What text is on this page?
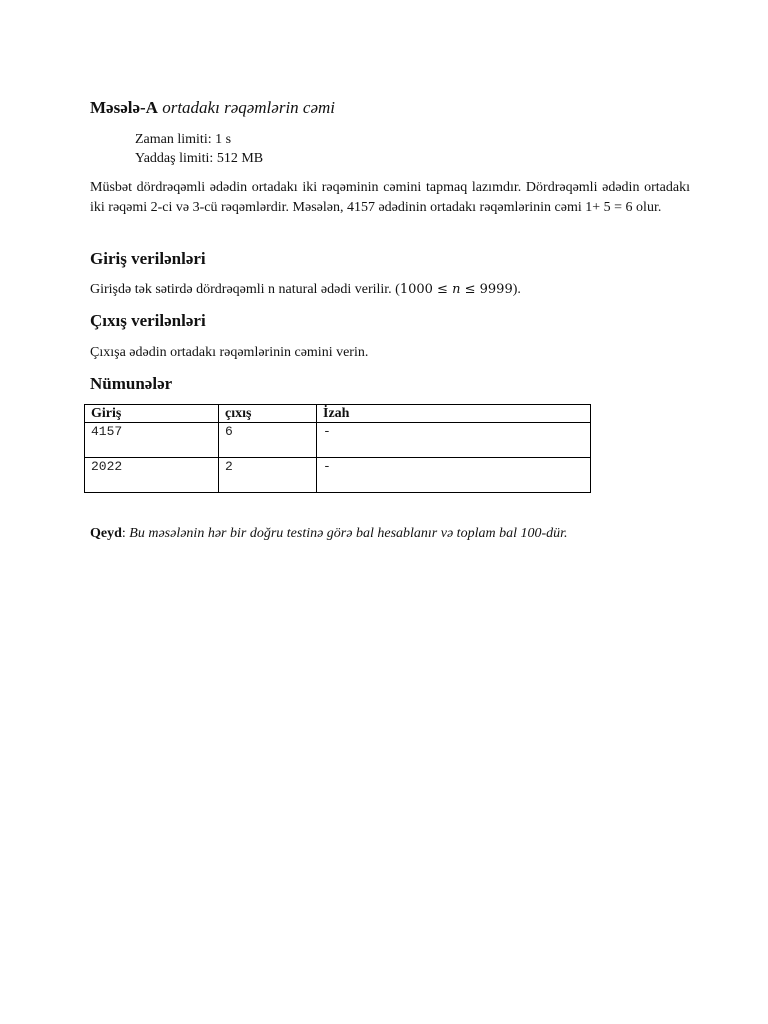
Məsələ-A ortadakı rəqəmlərin cəmi
Zaman limiti: 1 s
Yaddaş limiti: 512 MB
Müsbət dördrəqəmli ədədin ortadakı iki rəqəminin cəmini tapmaq lazımdır. Dördrəqəmli ədədin ortadakı iki rəqəmi 2-ci və 3-cü rəqəmlərdir. Məsələn, 4157 ədədinin ortadakı rəqəmlərinin cəmi 1+ 5 = 6 olur.
Giriş verilənləri
Girişdə tək sətirdə dördrəqəmli n natural ədədi verilir. (1000 ≤ n ≤ 9999).
Çıxış verilənləri
Çıxışa ədədin ortadakı rəqəmlərinin cəmini verin.
Nümunələr
Giriş	çıxış	İzah
4157	6	-
2022	2	-
Qeyd: Bu məsələnin hər bir doğru testinə görə bal hesablanır və toplam bal 100-dür.
